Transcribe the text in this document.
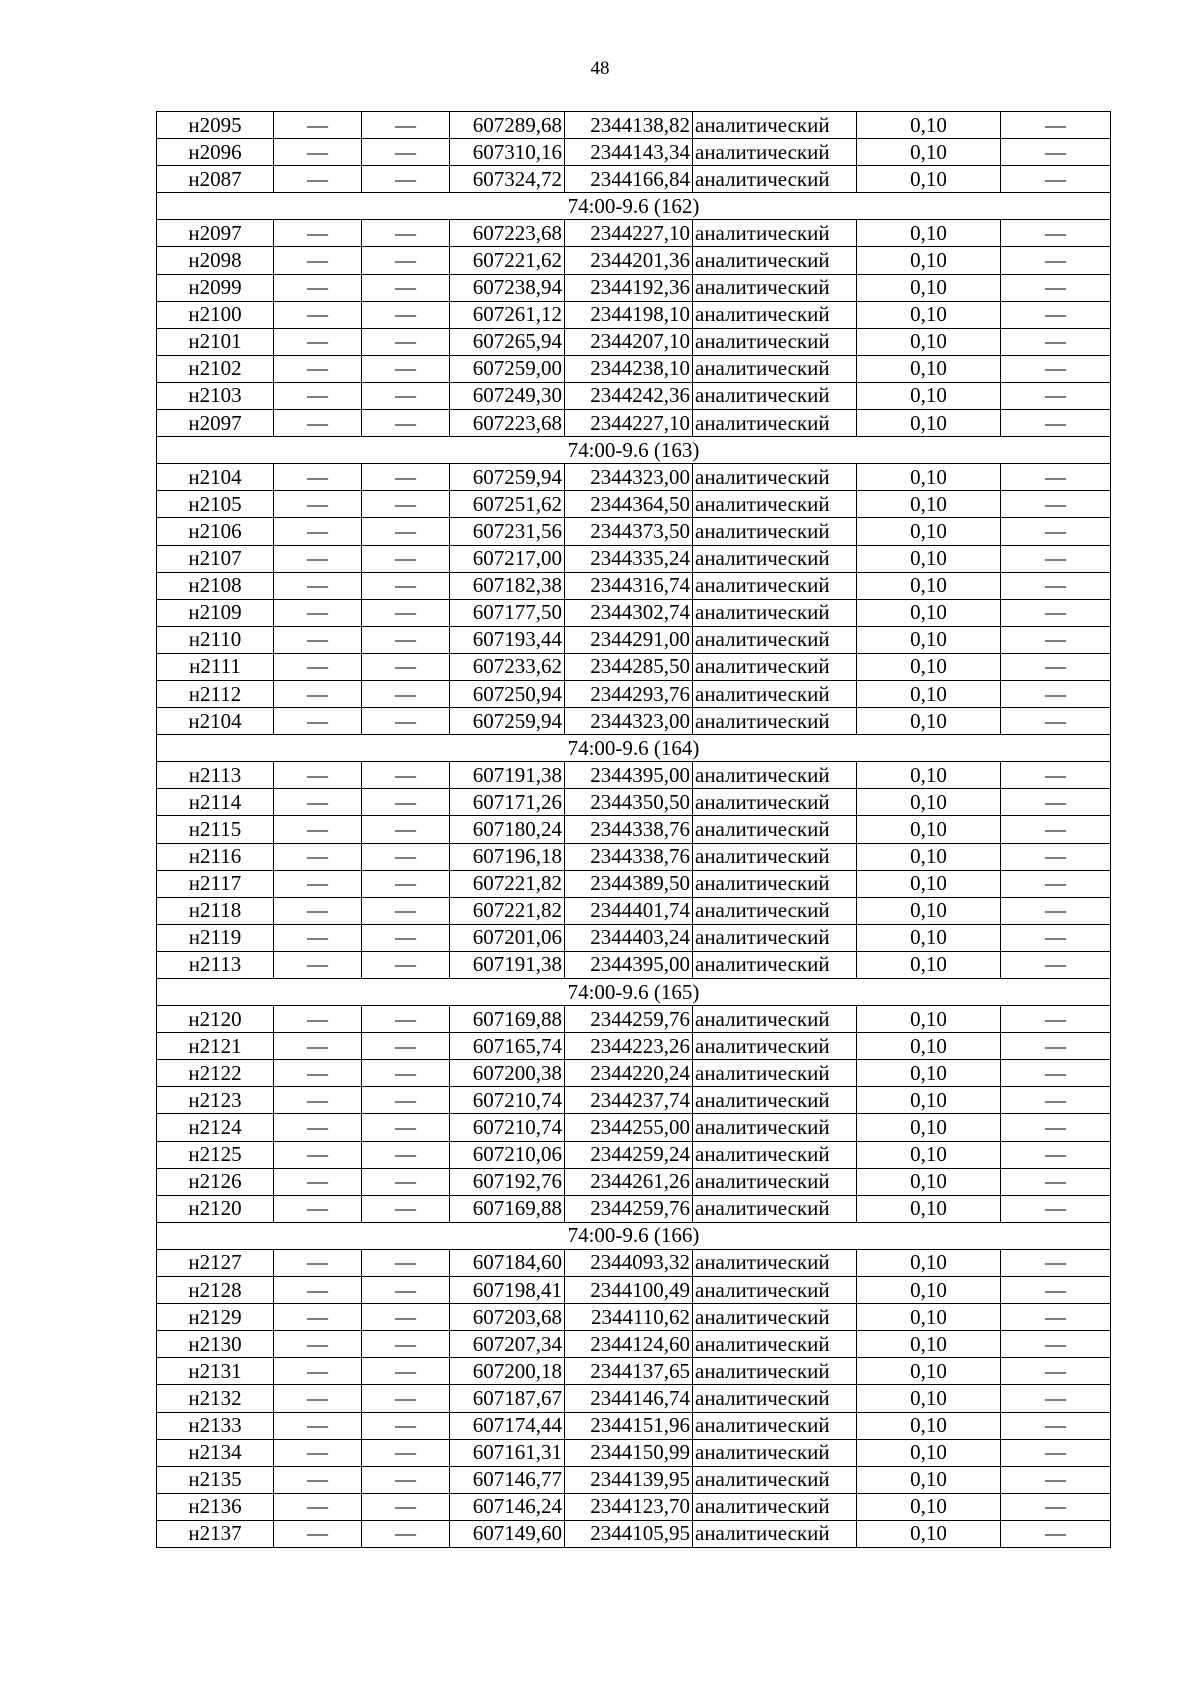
48
н2095	—	—	607289,68	2344138,82	аналитический	0,10	—
н2096	—	—	607310,16	2344143,34	аналитический	0,10	—
н2087	—	—	607324,72	2344166,84	аналитический	0,10	—
74:00-9.6 (162)							
н2097	—	—	607223,68	2344227,10	аналитический	0,10	—
н2098	—	—	607221,62	2344201,36	аналитический	0,10	—
н2099	—	—	607238,94	2344192,36	аналитический	0,10	—
н2100	—	—	607261,12	2344198,10	аналитический	0,10	—
н2101	—	—	607265,94	2344207,10	аналитический	0,10	—
н2102	—	—	607259,00	2344238,10	аналитический	0,10	—
н2103	—	—	607249,30	2344242,36	аналитический	0,10	—
н2097	—	—	607223,68	2344227,10	аналитический	0,10	—
74:00-9.6 (163)							
н2104	—	—	607259,94	2344323,00	аналитический	0,10	—
н2105	—	—	607251,62	2344364,50	аналитический	0,10	—
н2106	—	—	607231,56	2344373,50	аналитический	0,10	—
н2107	—	—	607217,00	2344335,24	аналитический	0,10	—
н2108	—	—	607182,38	2344316,74	аналитический	0,10	—
н2109	—	—	607177,50	2344302,74	аналитический	0,10	—
н2110	—	—	607193,44	2344291,00	аналитический	0,10	—
н2111	—	—	607233,62	2344285,50	аналитический	0,10	—
н2112	—	—	607250,94	2344293,76	аналитический	0,10	—
н2104	—	—	607259,94	2344323,00	аналитический	0,10	—
74:00-9.6 (164)							
н2113	—	—	607191,38	2344395,00	аналитический	0,10	—
н2114	—	—	607171,26	2344350,50	аналитический	0,10	—
н2115	—	—	607180,24	2344338,76	аналитический	0,10	—
н2116	—	—	607196,18	2344338,76	аналитический	0,10	—
н2117	—	—	607221,82	2344389,50	аналитический	0,10	—
н2118	—	—	607221,82	2344401,74	аналитический	0,10	—
н2119	—	—	607201,06	2344403,24	аналитический	0,10	—
н2113	—	—	607191,38	2344395,00	аналитический	0,10	—
74:00-9.6 (165)							
н2120	—	—	607169,88	2344259,76	аналитический	0,10	—
н2121	—	—	607165,74	2344223,26	аналитический	0,10	—
н2122	—	—	607200,38	2344220,24	аналитический	0,10	—
н2123	—	—	607210,74	2344237,74	аналитический	0,10	—
н2124	—	—	607210,74	2344255,00	аналитический	0,10	—
н2125	—	—	607210,06	2344259,24	аналитический	0,10	—
н2126	—	—	607192,76	2344261,26	аналитический	0,10	—
н2120	—	—	607169,88	2344259,76	аналитический	0,10	—
74:00-9.6 (166)							
н2127	—	—	607184,60	2344093,32	аналитический	0,10	—
н2128	—	—	607198,41	2344100,49	аналитический	0,10	—
н2129	—	—	607203,68	2344110,62	аналитический	0,10	—
н2130	—	—	607207,34	2344124,60	аналитический	0,10	—
н2131	—	—	607200,18	2344137,65	аналитический	0,10	—
н2132	—	—	607187,67	2344146,74	аналитический	0,10	—
н2133	—	—	607174,44	2344151,96	аналитический	0,10	—
н2134	—	—	607161,31	2344150,99	аналитический	0,10	—
н2135	—	—	607146,77	2344139,95	аналитический	0,10	—
н2136	—	—	607146,24	2344123,70	аналитический	0,10	—
н2137	—	—	607149,60	2344105,95	аналитический	0,10	—
